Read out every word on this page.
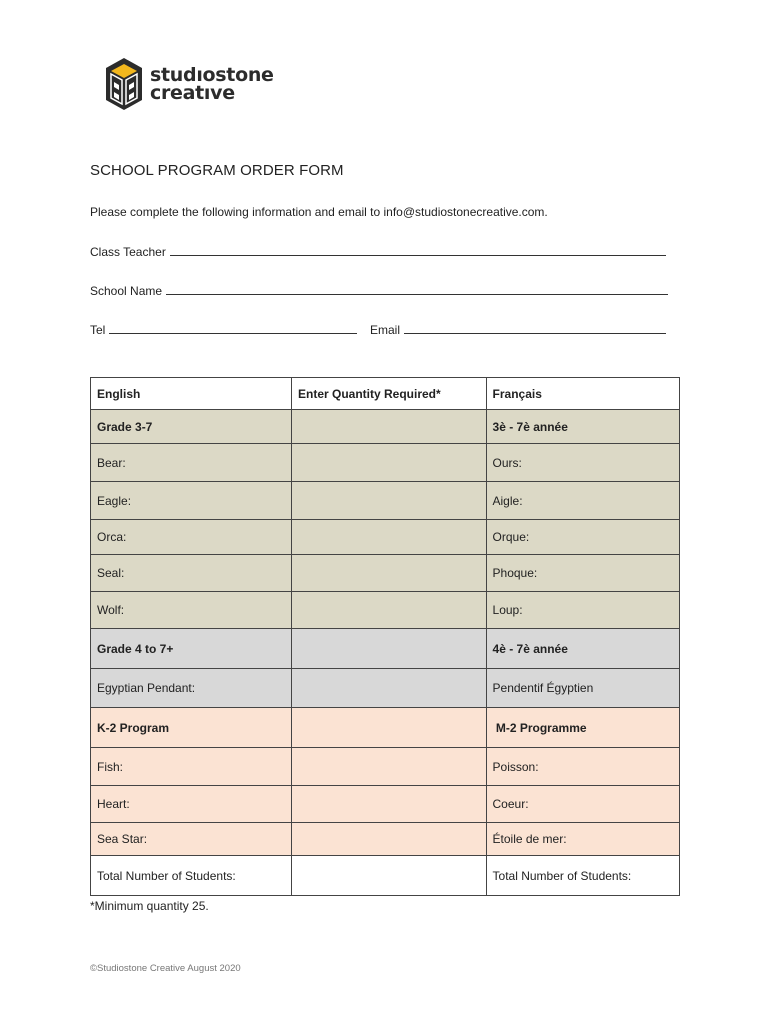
studıostone
creatıve
SCHOOL PROGRAM ORDER FORM
Please complete the following information and email to info@studiostonecreative.com.
Class Teacher
School Name
Tel	Email
English	Enter Quantity Required*	Français
Grade 3-7		3è - 7è année
Bear:		Ours:
Eagle:		Aigle:
Orca:		Orque:
Seal:		Phoque:
Wolf:		Loup:
Grade 4 to 7+		4è - 7è année
Egyptian Pendant:		Pendentif Égyptien
K-2 Program		M-2 Programme
Fish:		Poisson:
Heart:		Coeur:
Sea Star:		Étoile de mer:
Total Number of Students:		Total Number of Students:
*Minimum quantity 25.
©Studiostone Creative August 2020
